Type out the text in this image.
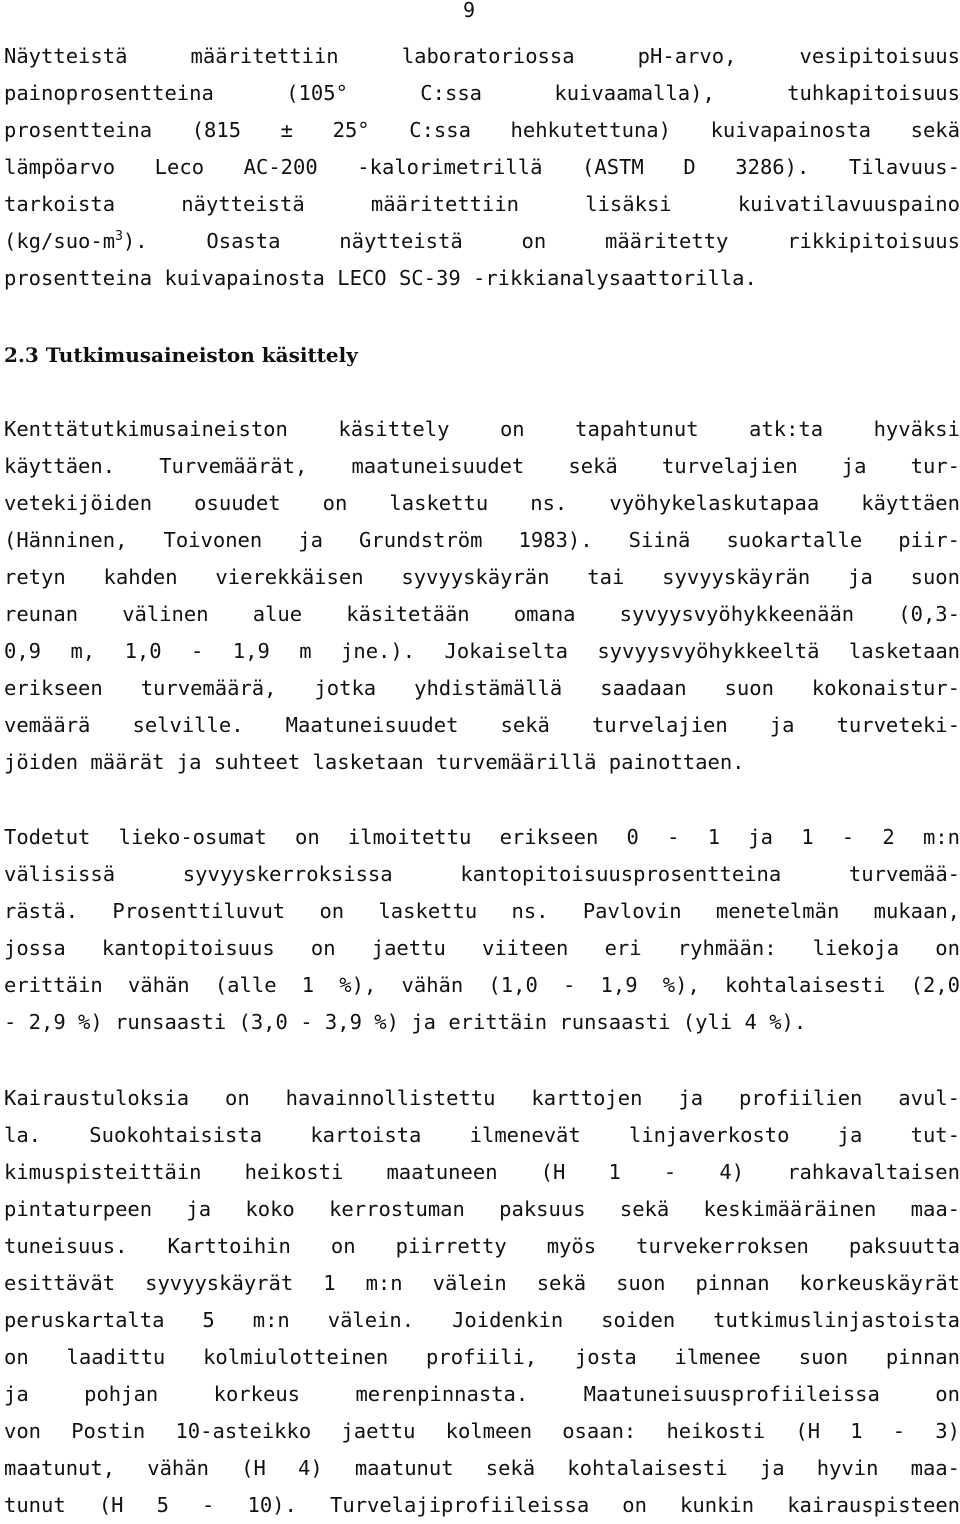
9
Näytteistä määritettiin laboratoriossa pH-arvo, vesipitoisuus
painoprosentteina (105° C:ssa kuivaamalla), tuhkapitoisuus
prosentteina (815 ± 25° C:ssa hehkutettuna) kuivapainosta sekä
lämpöarvo Leco AC-200 -kalorimetrillä (ASTM D 3286). Tilavuus-
tarkoista näytteistä määritettiin lisäksi kuivatilavuuspaino
$(kg/suo-m^3)$. Osasta näytteistä on määritetty rikkipitoisuus
prosentteina kuivapainosta LECO SC-39 -rikkianalysaattorilla.
2.3 Tutkimusaineiston käsittely
Kenttätutkimusaineiston käsittely on tapahtunut atk:ta hyväksi
käyttäen. Turvemäärät, maatuneisuudet sekä turvelajien ja tur-
vetekijöiden osuudet on laskettu ns. vyöhykelaskutapaa käyttäen
(Hänninen, Toivonen ja Grundström 1983). Siinä suokartalle piir-
retyn kahden vierekkäisen syvyyskäyrän tai syvyyskäyrän ja suon
reunan välinen alue käsitetään omana syvyysvyöhykkeenään (0,3-
0,9 m, 1,0 - 1,9 m jne.). Jokaiselta syvyysvyöhykkeeltä lasketaan
erikseen turvemäärä, jotka yhdistämällä saadaan suon kokonaistur-
vemäärä selville. Maatuneisuudet sekä turvelajien ja turveteki-
jöiden määrät ja suhteet lasketaan turvemäärillä painottaen.
Todetut lieko-osumat on ilmoitettu erikseen 0 - 1 ja 1 - 2 m:n
välisissä syvyyskerroksissa kantopitoisuusprosentteina turvemää-
rästä. Prosenttiluvut on laskettu ns. Pavlovin menetelmän mukaan,
jossa kantopitoisuus on jaettu viiteen eri ryhmään: liekoja on
erittäin vähän (alle 1 %), vähän (1,0 - 1,9 %), kohtalaisesti (2,0
- 2,9 %) runsaasti (3,0 - 3,9 %) ja erittäin runsaasti (yli 4 %).
Kairaustuloksia on havainnollistettu karttojen ja profiilien avul-
la. Suokohtaisista kartoista ilmenevät linjaverkosto ja tut-
kimuspisteittäin heikosti maatuneen (H 1 - 4) rahkavaltaisen
pintaturpeen ja koko kerrostuman paksuus sekä keskimääräinen maa-
tuneisuus. Karttoihin on piirretty myös turvekerroksen paksuutta
esittävät syvyyskäyrät 1 m:n välein sekä suon pinnan korkeuskäyrät
peruskartalta 5 m:n välein. Joidenkin soiden tutkimuslinjastoista
on laadittu kolmiulotteinen profiili, josta ilmenee suon pinnan
ja pohjan korkeus merenpinnasta. Maatuneisuusprofiileissa on
von Postin 10-asteikko jaettu kolmeen osaan: heikosti (H 1 - 3)
maatunut, vähän (H 4) maatunut sekä kohtalaisesti ja hyvin maa-
tunut (H 5 - 10). Turvelajiprofiileissa on kunkin kairauspisteen
